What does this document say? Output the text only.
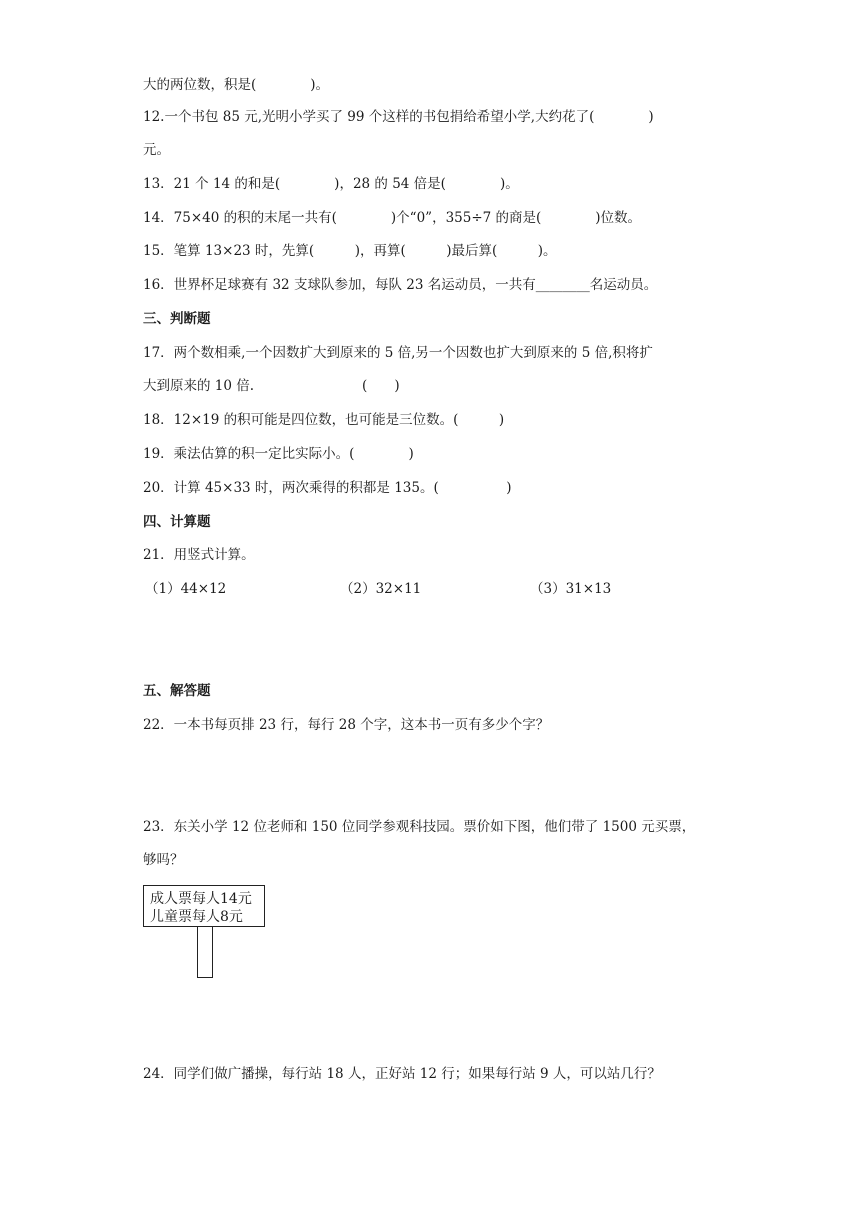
大的两位数，积是(　　　　)。
12.一个书包 85 元,光明小学买了 99 个这样的书包捐给希望小学,大约花了(　　　　)
元。
13．21 个 14 的和是(　　　　)，28 的 54 倍是(　　　　)。
14．75×40 的积的末尾一共有(　　　　)个“0”，355÷7 的商是(　　　　)位数。
15．笔算 13×23 时，先算(　　　)，再算(　　　)最后算(　　　)。
16．世界杯足球赛有 32 支球队参加，每队 23 名运动员，一共有________名运动员。
三、判断题
17．两个数相乘,一个因数扩大到原来的 5 倍,另一个因数也扩大到原来的 5 倍,积将扩
大到原来的 10 倍.　　　　　　　　(　　)
18．12×19 的积可能是四位数，也可能是三位数。(　　　)
19．乘法估算的积一定比实际小。(　　　　)
20．计算 45×33 时，两次乘得的积都是 135。(　　　　　)
四、计算题
21．用竖式计算。
（1）44×12	（2）32×11	（3）31×13
五、解答题
22．一本书每页排 23 行，每行 28 个字，这本书一页有多少个字？
23．东关小学 12 位老师和 150 位同学参观科技园。票价如下图，他们带了 1500 元买票，
够吗？
成人票每人14元
儿童票每人8元
24．同学们做广播操，每行站 18 人，正好站 12 行；如果每行站 9 人，可以站几行？
